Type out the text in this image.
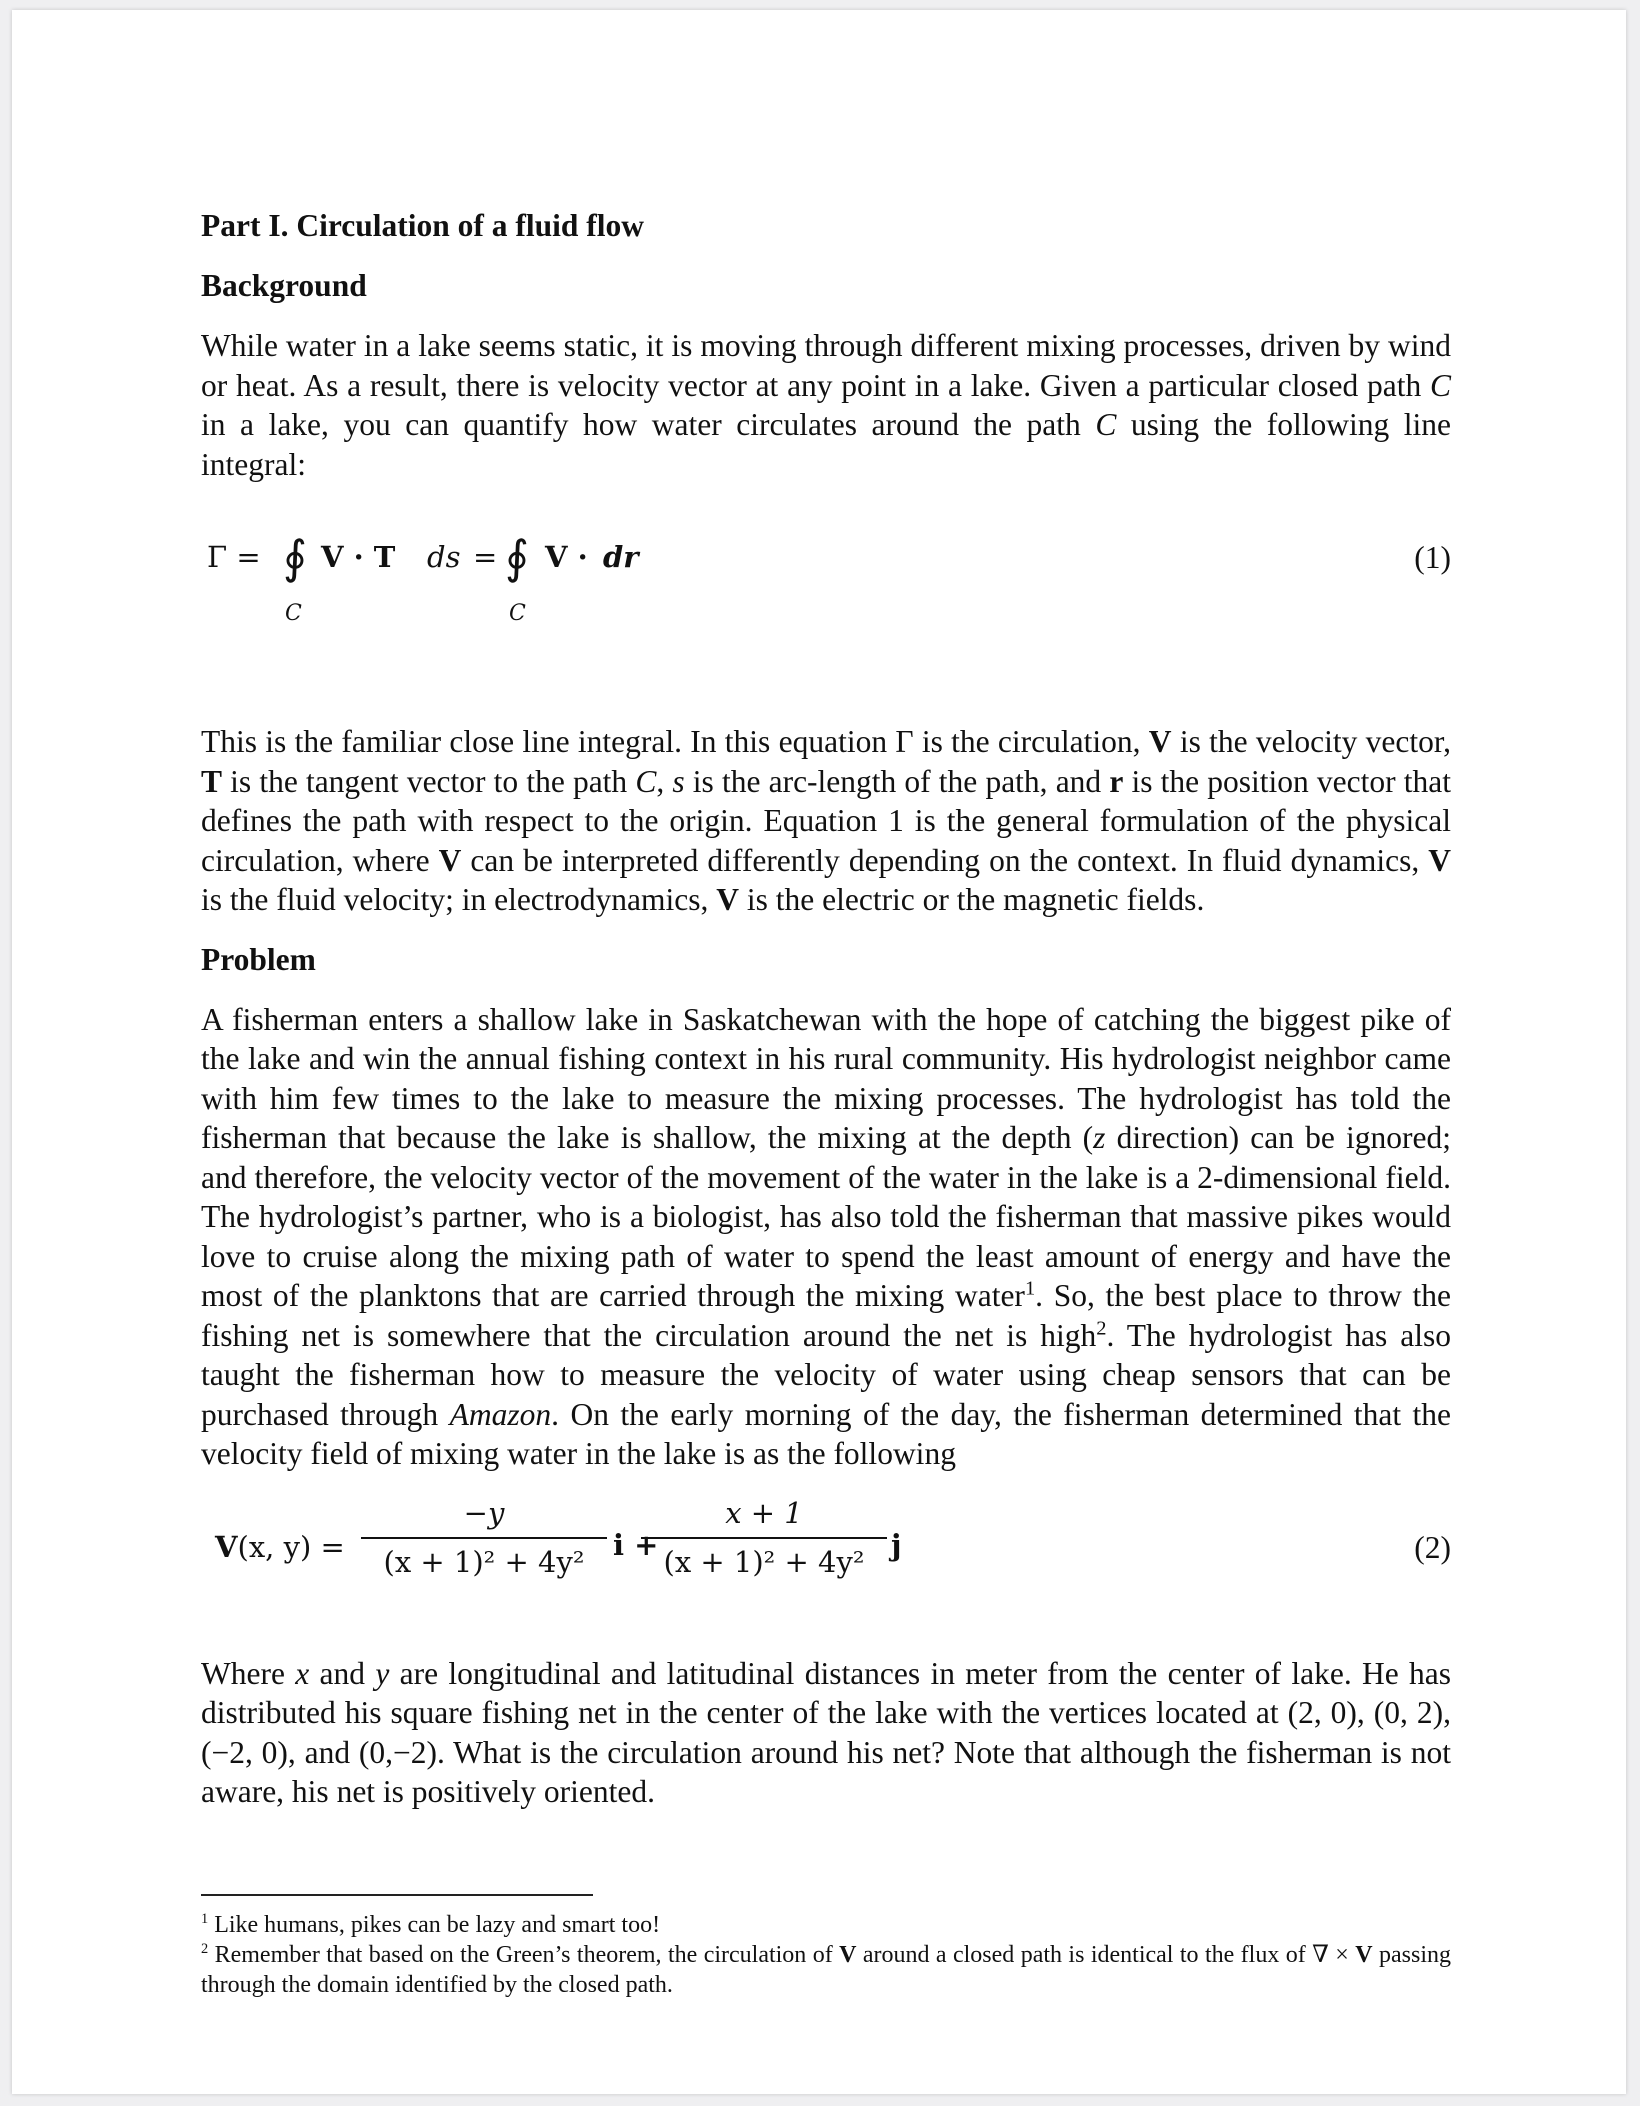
Part I. Circulation of a fluid flow
Background

While water in a lake seems static, it is moving through different mixing processes, driven by wind or heat. As a result, there is velocity vector at any point in a lake. Given a particular closed path C in a lake, you can quantify how water circulates around the path C using the following line integral:

Γ = ∮
C
V · T ds = ∮
C
V · dr	(1)

This is the familiar close line integral. In this equation Γ is the circulation, V is the velocity vector, T is the tangent vector to the path C, s is the arc-length of the path, and r is the position vector that defines the path with respect to the origin. Equation 1 is the general formulation of the physical circulation, where V can be interpreted differently depending on the context. In fluid dynamics, V is the fluid velocity; in electrodynamics, V is the electric or the magnetic fields.

Problem

A fisherman enters a shallow lake in Saskatchewan with the hope of catching the biggest pike of the lake and win the annual fishing context in his rural community. His hydrologist neighbor came with him few times to the lake to measure the mixing processes. The hydrologist has told the fisherman that because the lake is shallow, the mixing at the depth (z direction) can be ignored; and therefore, the velocity vector of the movement of the water in the lake is a 2-dimensional field. The hydrologist’s partner, who is a biologist, has also told the fisherman that massive pikes would love to cruise along the mixing path of water to spend the least amount of energy and have the most of the planktons that are carried through the mixing water$^1$. So, the best place to throw the fishing net is somewhere that the circulation around the net is high$^2$. The hydrologist has also taught the fisherman how to measure the velocity of water using cheap sensors that can be purchased through Amazon. On the early morning of the day, the fisherman determined that the velocity field of mixing water in the lake is as the following

V(x, $y) = \frac{-y}{\text{(x + 1)² + 4y²}}$ i +
$\frac{x + 1}{\text{(x + 1)² + 4y²}}$ j	(2)

Where x and y are longitudinal and latitudinal distances in meter from the center of lake. He has distributed his square fishing net in the center of the lake with the vertices located at (2, 0), (0, 2), (−2, 0), and (0,−2). What is the circulation around his net? Note that although the fisherman is not aware, his net is positively oriented.

$^1$ Like humans, pikes can be lazy and smart too!

$^2$ Remember that based on the Green’s theorem, the circulation of V around a closed path is identical to the flux of ∇ × V passing through the domain identified by the closed path.
